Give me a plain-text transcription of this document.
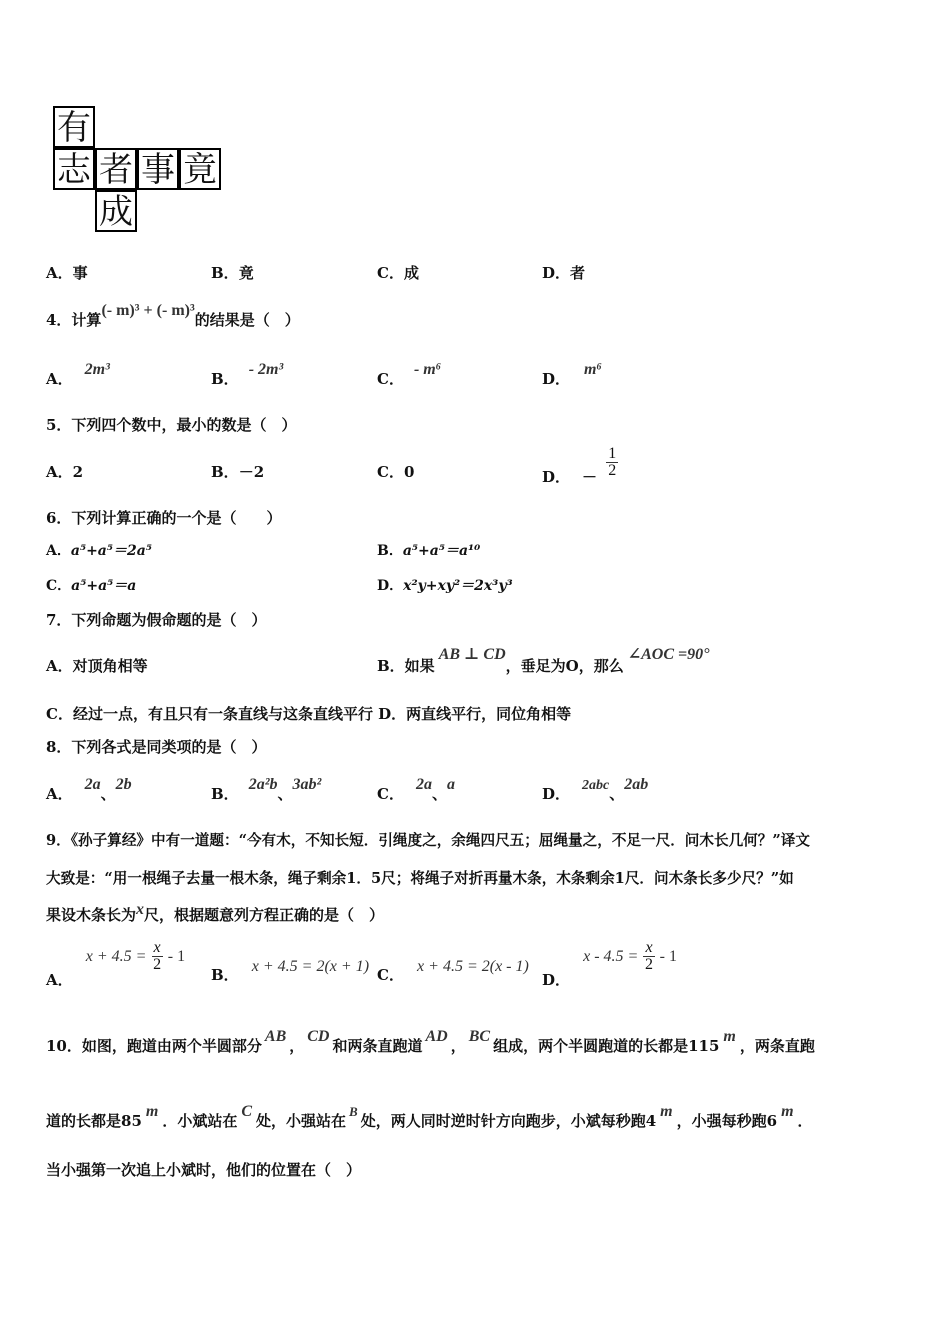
有
志 者 事 竟
成
A．事	B．竟	C．成	D．者
4．计算(- m)³ + (- m)³的结果是（　）
A．2m³
B．- 2m³
C．- m⁶
D．m⁶
5．下列四个数中，最小的数是（　）
A．2	B．－2	C．0	D． － $\frac{1}{2}$
6．下列计算正确的一个是（　　）
A．a⁵+a⁵＝2a⁵	B．a⁵+a⁵＝a¹⁰
C．a⁵+a⁵＝a	D．x²y+xy²＝2x³y³
7．下列命题为假命题的是（　）
A．对顶角相等	B．如果AB ⊥ CD，垂足为O，那么∠AOC =90°
C．经过一点，有且只有一条直线与这条直线平行 D．两直线平行，同位角相等
8．下列各式是同类项的是（　）
A．2a、2b
B．2a²b、3ab²
C．2a、a
D． 2abc、2ab
9．《孙子算经》中有一道题：“今有木，不知长短．引绳度之，余绳四尺五；屈绳量之，不足一尺．问木长几何？”译文
大致是：“用一根绳子去量一根木条，绳子剩余1．5尺；将绳子对折再量木条，木条剩余1尺．问木条长多少尺？”如
果设木条长为x尺，根据题意列方程正确的是（　）
A． $x + 4.5 = \frac{x}{2} - 1$
B． x + 4.5 = 2(x + 1) C． x + 4.5 = 2(x - 1)
D． $x - 4.5 = \frac{x}{2} - 1$
10．如图，跑道由两个半圆部分AB，CD和两条直跑道AD，BC组成，两个半圆跑道的长都是115m，两条直跑
道的长都是85m．小斌站在C处，小强站在B处，两人同时逆时针方向跑步，小斌每秒跑4m，小强每秒跑6m．
当小强第一次追上小斌时，他们的位置在（　）
